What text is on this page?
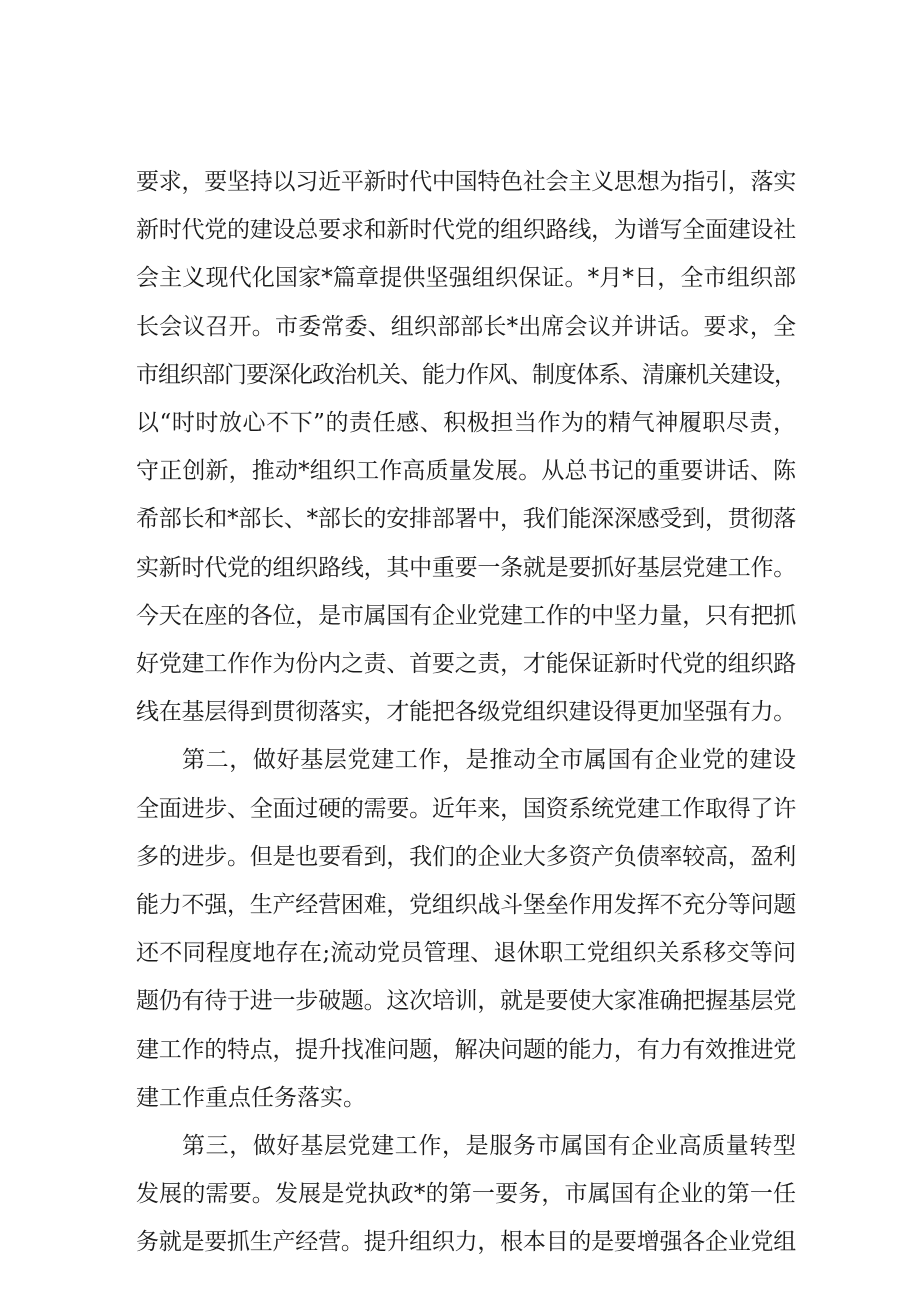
要求，要坚持以习近平新时代中国特色社会主义思想为指引，落实
新时代党的建设总要求和新时代党的组织路线，为谱写全面建设社
会主义现代化国家*篇章提供坚强组织保证。*月*日，全市组织部
长会议召开。市委常委、组织部部长*出席会议并讲话。要求，全
市组织部门要深化政治机关、能力作风、制度体系、清廉机关建设，
以“时时放心不下”的责任感、积极担当作为的精气神履职尽责，
守正创新，推动*组织工作高质量发展。从总书记的重要讲话、陈
希部长和*部长、*部长的安排部署中，我们能深深感受到，贯彻落
实新时代党的组织路线，其中重要一条就是要抓好基层党建工作。
今天在座的各位，是市属国有企业党建工作的中坚力量，只有把抓
好党建工作作为份内之责、首要之责，才能保证新时代党的组织路
线在基层得到贯彻落实，才能把各级党组织建设得更加坚强有力。
第二，做好基层党建工作，是推动全市属国有企业党的建设
全面进步、全面过硬的需要。近年来，国资系统党建工作取得了许
多的进步。但是也要看到，我们的企业大多资产负债率较高，盈利
能力不强，生产经营困难，党组织战斗堡垒作用发挥不充分等问题
还不同程度地存在;流动党员管理、退休职工党组织关系移交等问
题仍有待于进一步破题。这次培训，就是要使大家准确把握基层党
建工作的特点，提升找准问题，解决问题的能力，有力有效推进党
建工作重点任务落实。
第三，做好基层党建工作，是服务市属国有企业高质量转型
发展的需要。发展是党执政*的第一要务，市属国有企业的第一任
务就是要抓生产经营。提升组织力，根本目的是要增强各企业党组
